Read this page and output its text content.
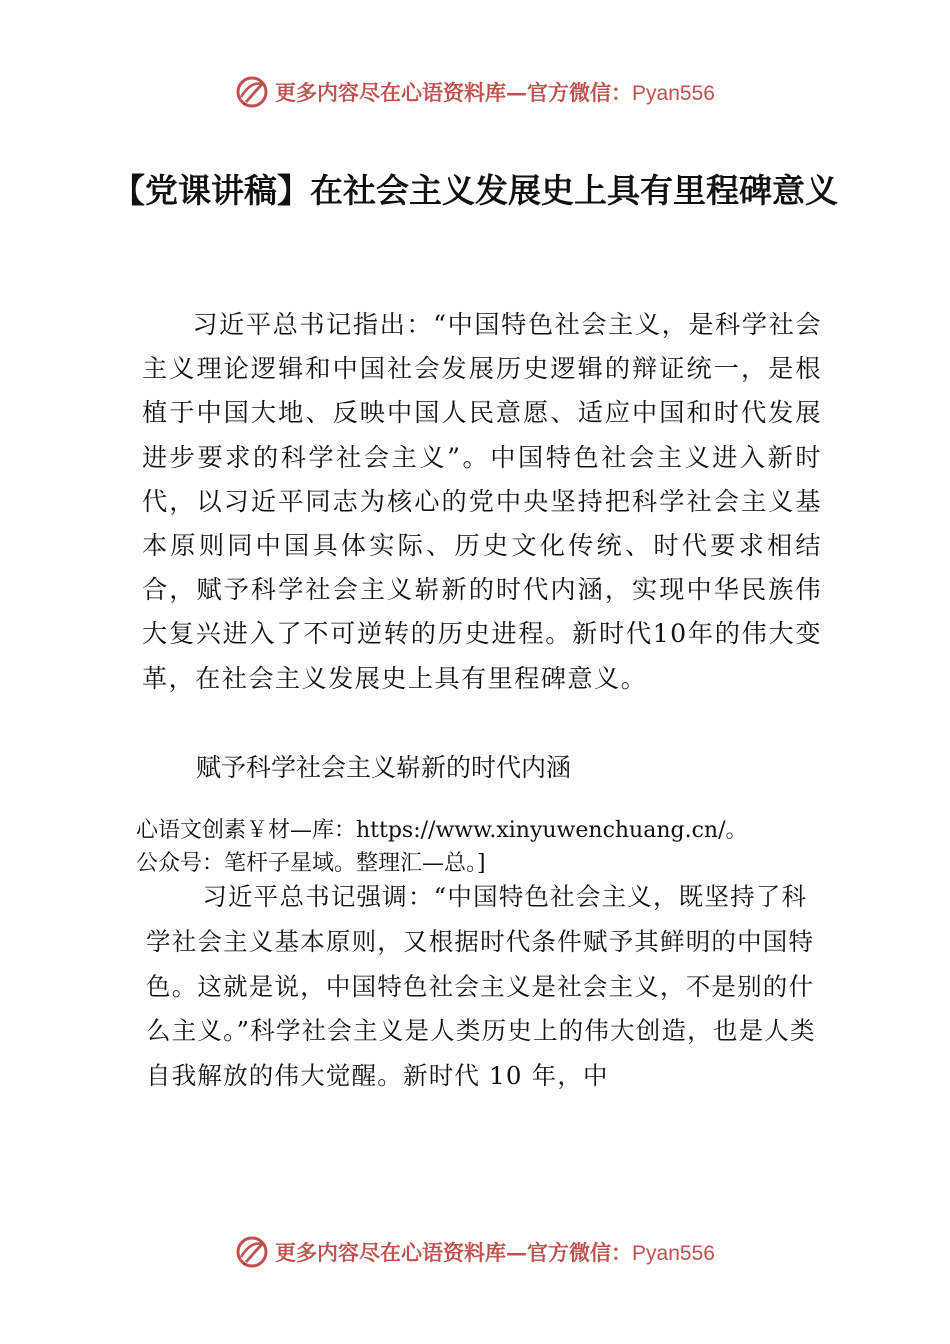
更多内容尽在心语资料库—官方微信：Pyan556
【党课讲稿】在社会主义发展史上具有里程碑意义
习近平总书记指出：“中国特色社会主义，是科学社会主义理论逻辑和中国社会发展历史逻辑的辩证统一，是根植于中国大地、反映中国人民意愿、适应中国和时代发展进步要求的科学社会主义”。中国特色社会主义进入新时代，以习近平同志为核心的党中央坚持把科学社会主义基本原则同中国具体实际、历史文化传统、时代要求相结合，赋予科学社会主义崭新的时代内涵，实现中华民族伟大复兴进入了不可逆转的历史进程。新时代10年的伟大变革，在社会主义发展史上具有里程碑意义。
赋予科学社会主义崭新的时代内涵
心语文创素￥材—库：https://www.xinyuwenchuang.cn/。
公众号：笔杆子星域。整理汇—总。]
习近平总书记强调：“中国特色社会主义，既坚持了科学社会主义基本原则，又根据时代条件赋予其鲜明的中国特色。这就是说，中国特色社会主义是社会主义，不是别的什么主义。”科学社会主义是人类历史上的伟大创造，也是人类自我解放的伟大觉醒。新时代 10 年，中
更多内容尽在心语资料库—官方微信：Pyan556
